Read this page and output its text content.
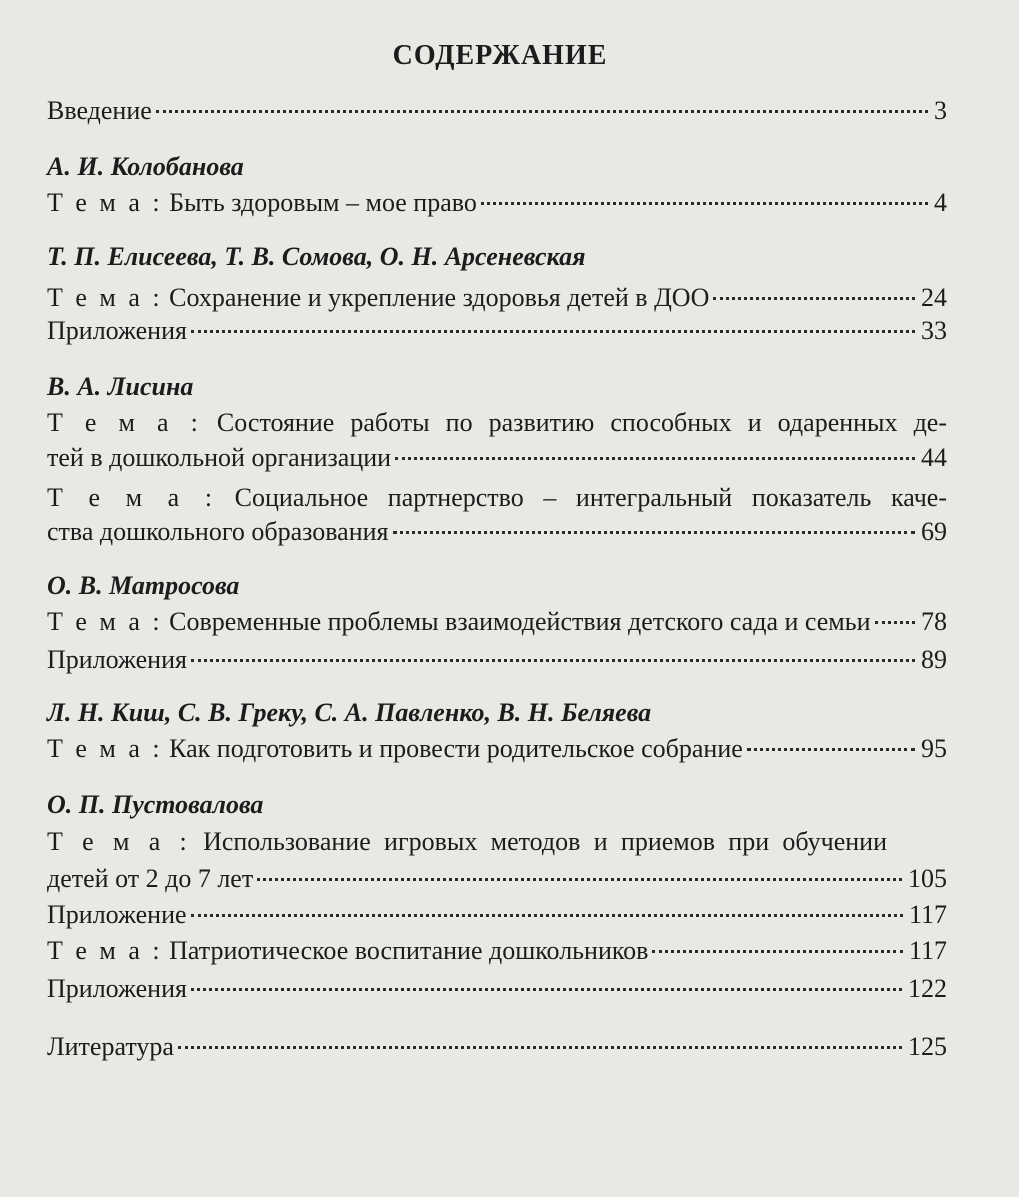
СОДЕРЖАНИЕ
Введение	3
А. И. Колобанова
Т е м а : Быть здоровым – мое право	4
Т. П. Елисеева, Т. В. Сомова, О. Н. Арсеневская
Т е м а : Сохранение и укрепление здоровья детей в ДОО	24
Приложения	33
В. А. Лисина
Т е м а : Состояние работы по развитию способных и одаренных де-
тей в дошкольной организации	44
Т е м а : Социальное партнерство – интегральный показатель каче-
ства дошкольного образования	69
О. В. Матросова
Т е м а : Современные проблемы взаимодействия детского сада и семьи 78
Приложения	89
Л. Н. Киш, С. В. Греку, С. А. Павленко, В. Н. Беляева
Т е м а : Как подготовить и провести родительское собрание	95
О. П. Пустовалова
Т е м а : Использование игровых методов и приемов при обучении
детей от 2 до 7 лет	105
Приложение	117
Т е м а : Патриотическое воспитание дошкольников	117
Приложения	122
Литература	125
